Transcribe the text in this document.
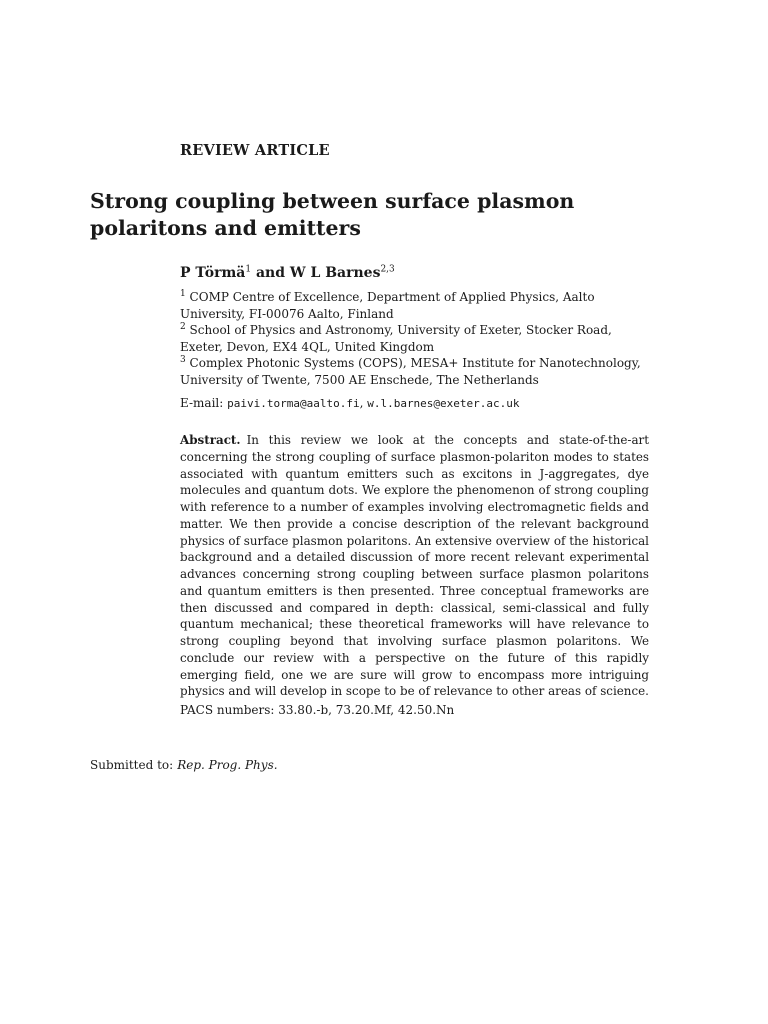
REVIEW ARTICLE
Strong coupling between surface plasmon polaritons and emitters
P Törmä$^1$ and W L Barnes$^{2,3}$

$^1$ COMP Centre of Excellence, Department of Applied Physics, Aalto University, FI-00076 Aalto, Finland

$^2$ School of Physics and Astronomy, University of Exeter, Stocker Road, Exeter, Devon, EX4 4QL, United Kingdom

$^3$ Complex Photonic Systems (COPS), MESA+ Institute for Nanotechnology, University of Twente, 7500 AE Enschede, The Netherlands

E-mail: paivi.torma@aalto.fi, w.l.barnes@exeter.ac.uk
Abstract. In this review we look at the concepts and state-of-the-art concerning the strong coupling of surface plasmon-polariton modes to states associated with quantum emitters such as excitons in J-aggregates, dye molecules and quantum dots. We explore the phenomenon of strong coupling with reference to a number of examples involving electromagnetic fields and matter. We then provide a concise description of the relevant background physics of surface plasmon polaritons. An extensive overview of the historical background and a detailed discussion of more recent relevant experimental advances concerning strong coupling between surface plasmon polaritons and quantum emitters is then presented. Three conceptual frameworks are then discussed and compared in depth: classical, semi-classical and fully quantum mechanical; these theoretical frameworks will have relevance to strong coupling beyond that involving surface plasmon polaritons. We conclude our review with a perspective on the future of this rapidly emerging field, one we are sure will grow to encompass more intriguing physics and will develop in scope to be of relevance to other areas of science.
PACS numbers: 33.80.-b, 73.20.Mf, 42.50.Nn
Submitted to: Rep. Prog. Phys.
